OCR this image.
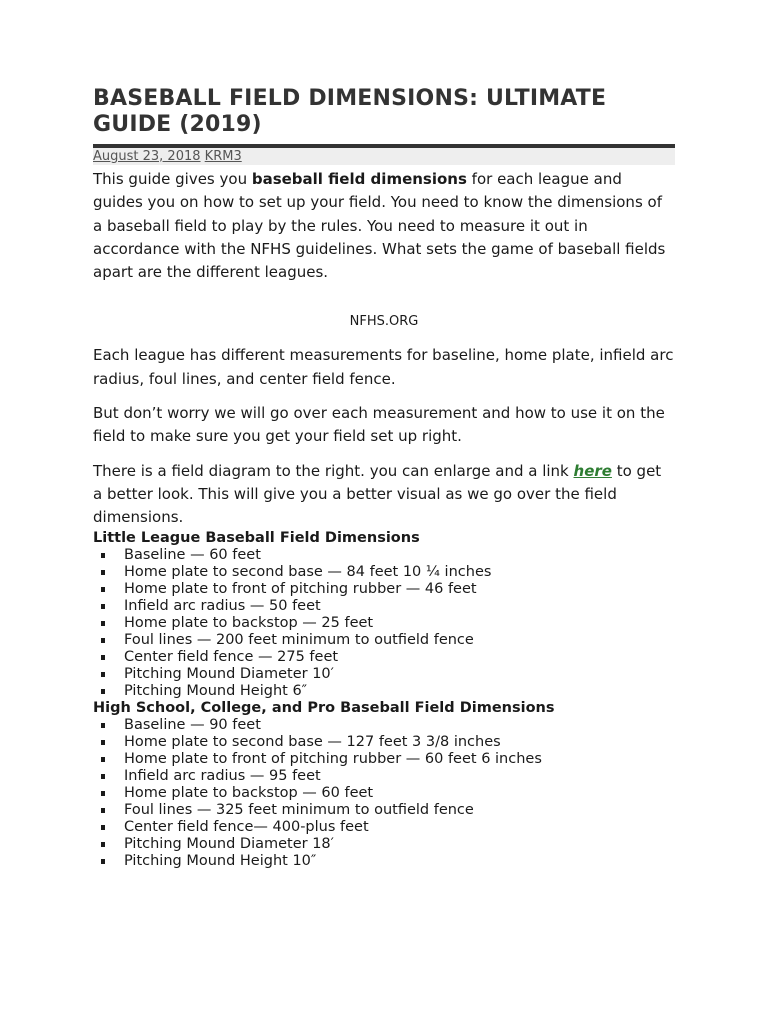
BASEBALL FIELD DIMENSIONS: ULTIMATE GUIDE (2019)
August 23, 2018 KRM3

This guide gives you baseball field dimensions for each league and guides you on how to set up your field. You need to know the dimensions of a baseball field to play by the rules. You need to measure it out in accordance with the NFHS guidelines. What sets the game of baseball fields apart are the different leagues.

NFHS.ORG

Each league has different measurements for baseline, home plate, infield arc radius, foul lines, and center field fence.

But don’t worry we will go over each measurement and how to use it on the field to make sure you get your field set up right.

There is a field diagram to the right. you can enlarge and a link here to get a better look. This will give you a better visual as we go over the field dimensions.

Little League Baseball Field Dimensions
Baseline — 60 feet
Home plate to second base — 84 feet 10 ¼ inches
Home plate to front of pitching rubber — 46 feet
Infield arc radius — 50 feet
Home plate to backstop — 25 feet
Foul lines — 200 feet minimum to outfield fence
Center field fence — 275 feet
Pitching Mound Diameter 10′
Pitching Mound Height 6″
High School, College, and Pro Baseball Field Dimensions
Baseline — 90 feet
Home plate to second base — 127 feet 3 3/8 inches
Home plate to front of pitching rubber — 60 feet 6 inches
Infield arc radius — 95 feet
Home plate to backstop — 60 feet
Foul lines — 325 feet minimum to outfield fence
Center field fence— 400-plus feet
Pitching Mound Diameter 18′
Pitching Mound Height 10″
